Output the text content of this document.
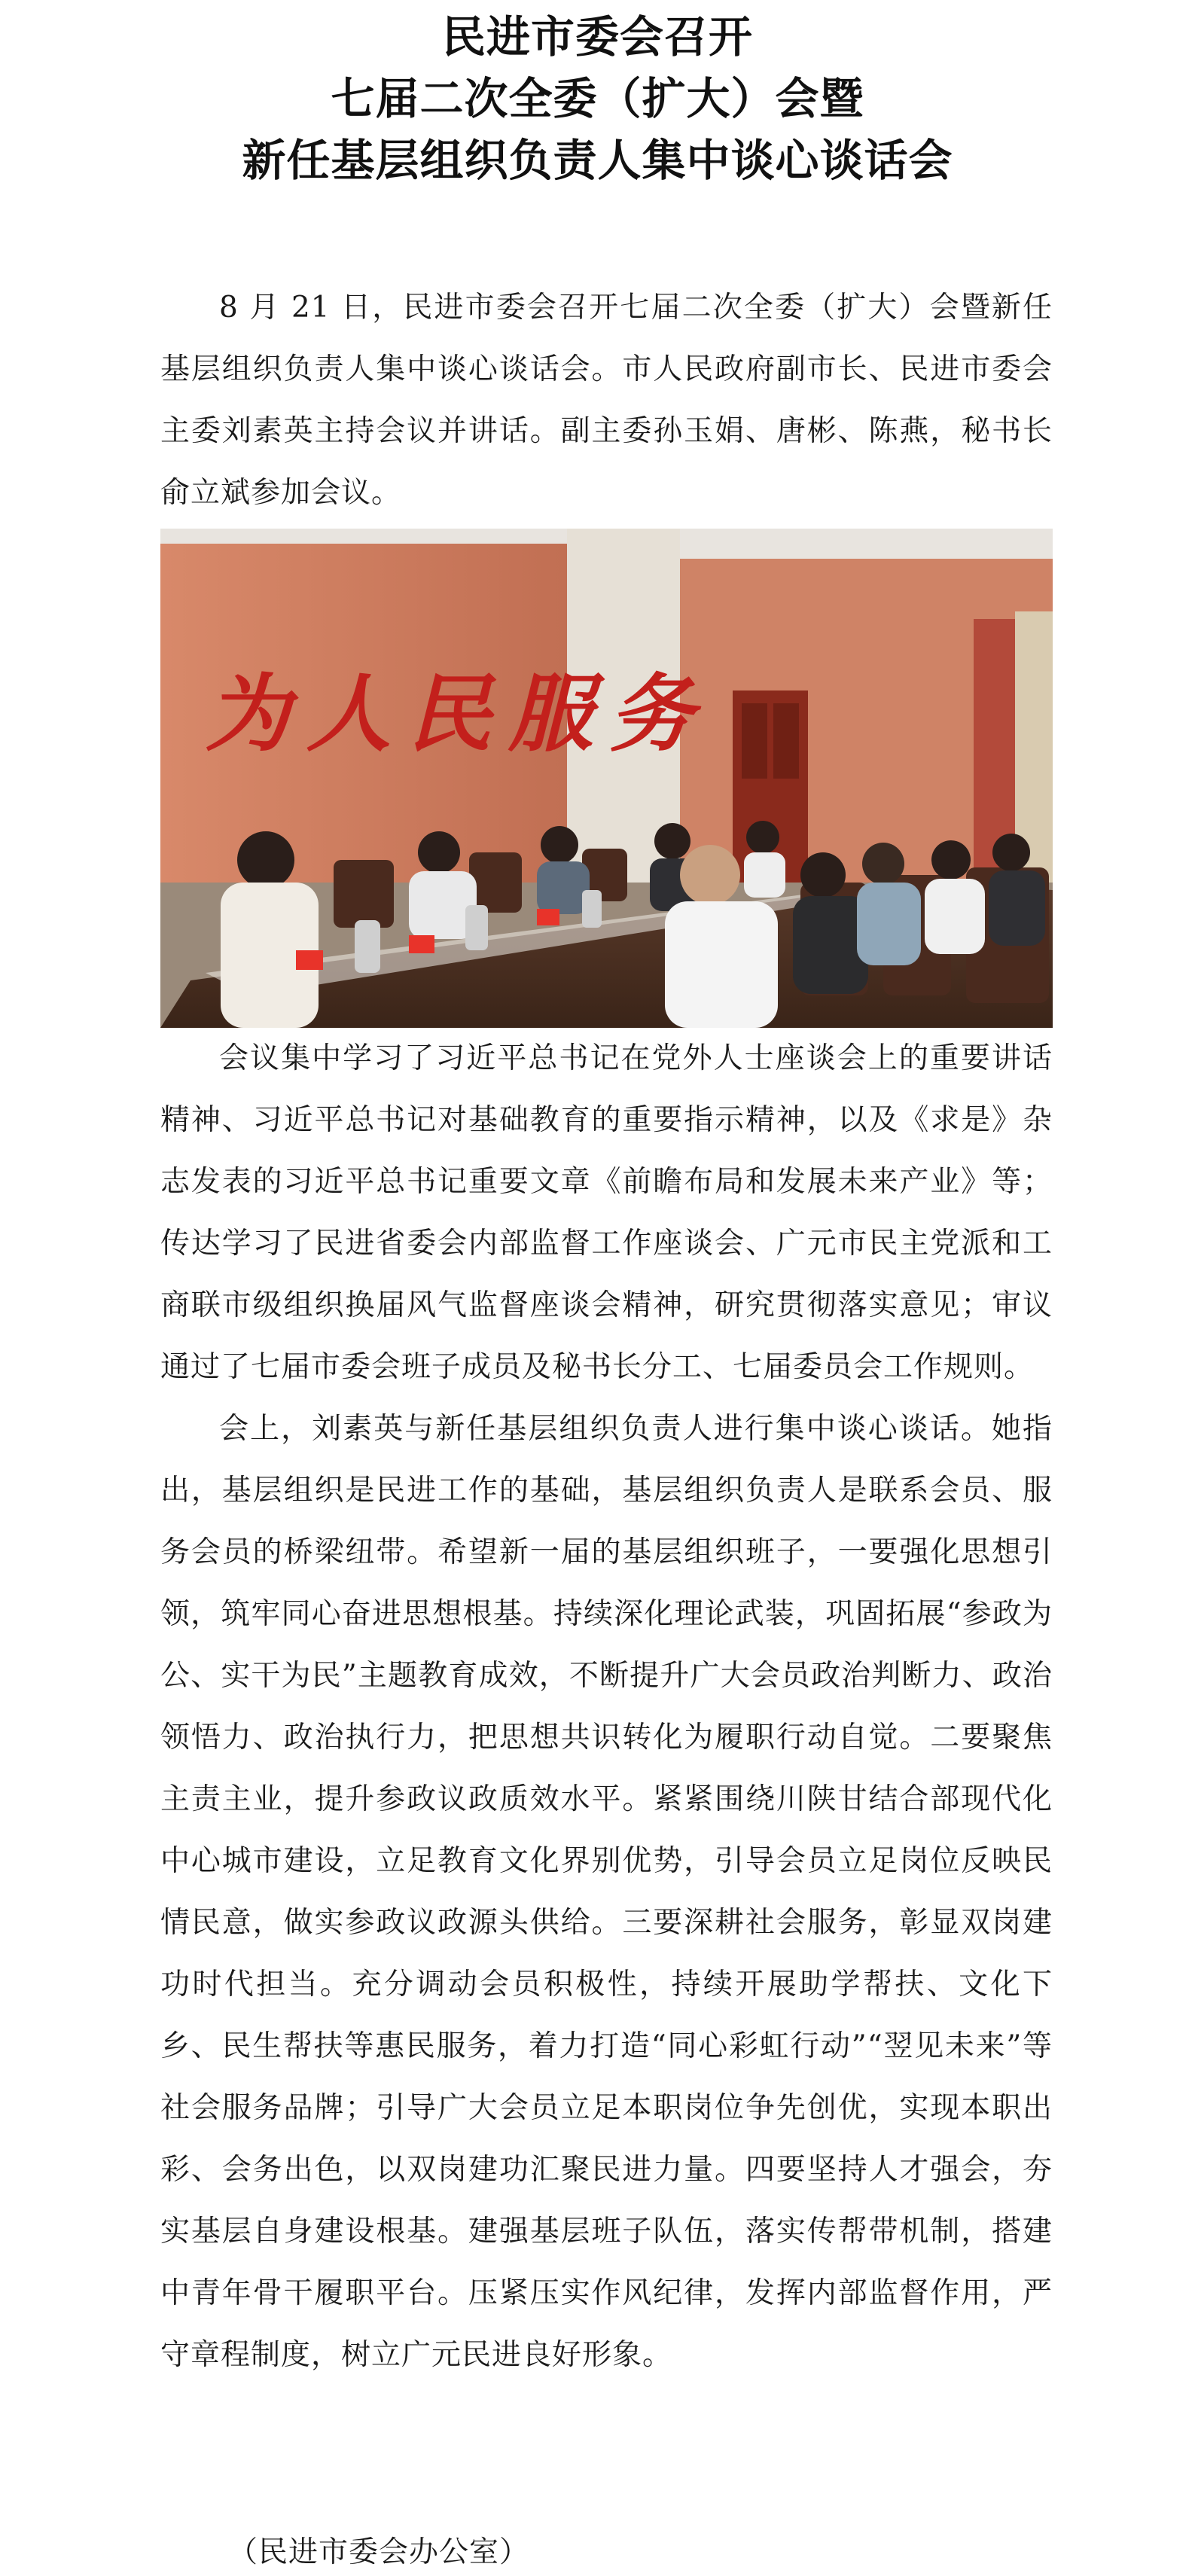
民进市委会召开
七届二次全委（扩大）会暨
新任基层组织负责人集中谈心谈话会

8 月 21 日，民进市委会召开七届二次全委（扩大）会暨新任基层组织负责人集中谈心谈话会。市人民政府副市长、民进市委会主委刘素英主持会议并讲话。副主委孙玉娟、唐彬、陈燕，秘书长俞立斌参加会议。

为人民服务

会议集中学习了习近平总书记在党外人士座谈会上的重要讲话精神、习近平总书记对基础教育的重要指示精神，以及《求是》杂志发表的习近平总书记重要文章《前瞻布局和发展未来产业》等；传达学习了民进省委会内部监督工作座谈会、广元市民主党派和工商联市级组织换届风气监督座谈会精神，研究贯彻落实意见；审议通过了七届市委会班子成员及秘书长分工、七届委员会工作规则。

会上，刘素英与新任基层组织负责人进行集中谈心谈话。她指出，基层组织是民进工作的基础，基层组织负责人是联系会员、服务会员的桥梁纽带。希望新一届的基层组织班子，一要强化思想引领，筑牢同心奋进思想根基。持续深化理论武装，巩固拓展“参政为公、实干为民”主题教育成效，不断提升广大会员政治判断力、政治领悟力、政治执行力，把思想共识转化为履职行动自觉。二要聚焦主责主业，提升参政议政质效水平。紧紧围绕川陕甘结合部现代化中心城市建设，立足教育文化界别优势，引导会员立足岗位反映民情民意，做实参政议政源头供给。三要深耕社会服务，彰显双岗建功时代担当。充分调动会员积极性，持续开展助学帮扶、文化下乡、民生帮扶等惠民服务，着力打造“同心彩虹行动”“翌见未来”等社会服务品牌；引导广大会员立足本职岗位争先创优，实现本职出彩、会务出色，以双岗建功汇聚民进力量。四要坚持人才强会，夯实基层自身建设根基。建强基层班子队伍，落实传帮带机制，搭建中青年骨干履职平台。压紧压实作风纪律，发挥内部监督作用，严守章程制度，树立广元民进良好形象。

（民进市委会办公室）
